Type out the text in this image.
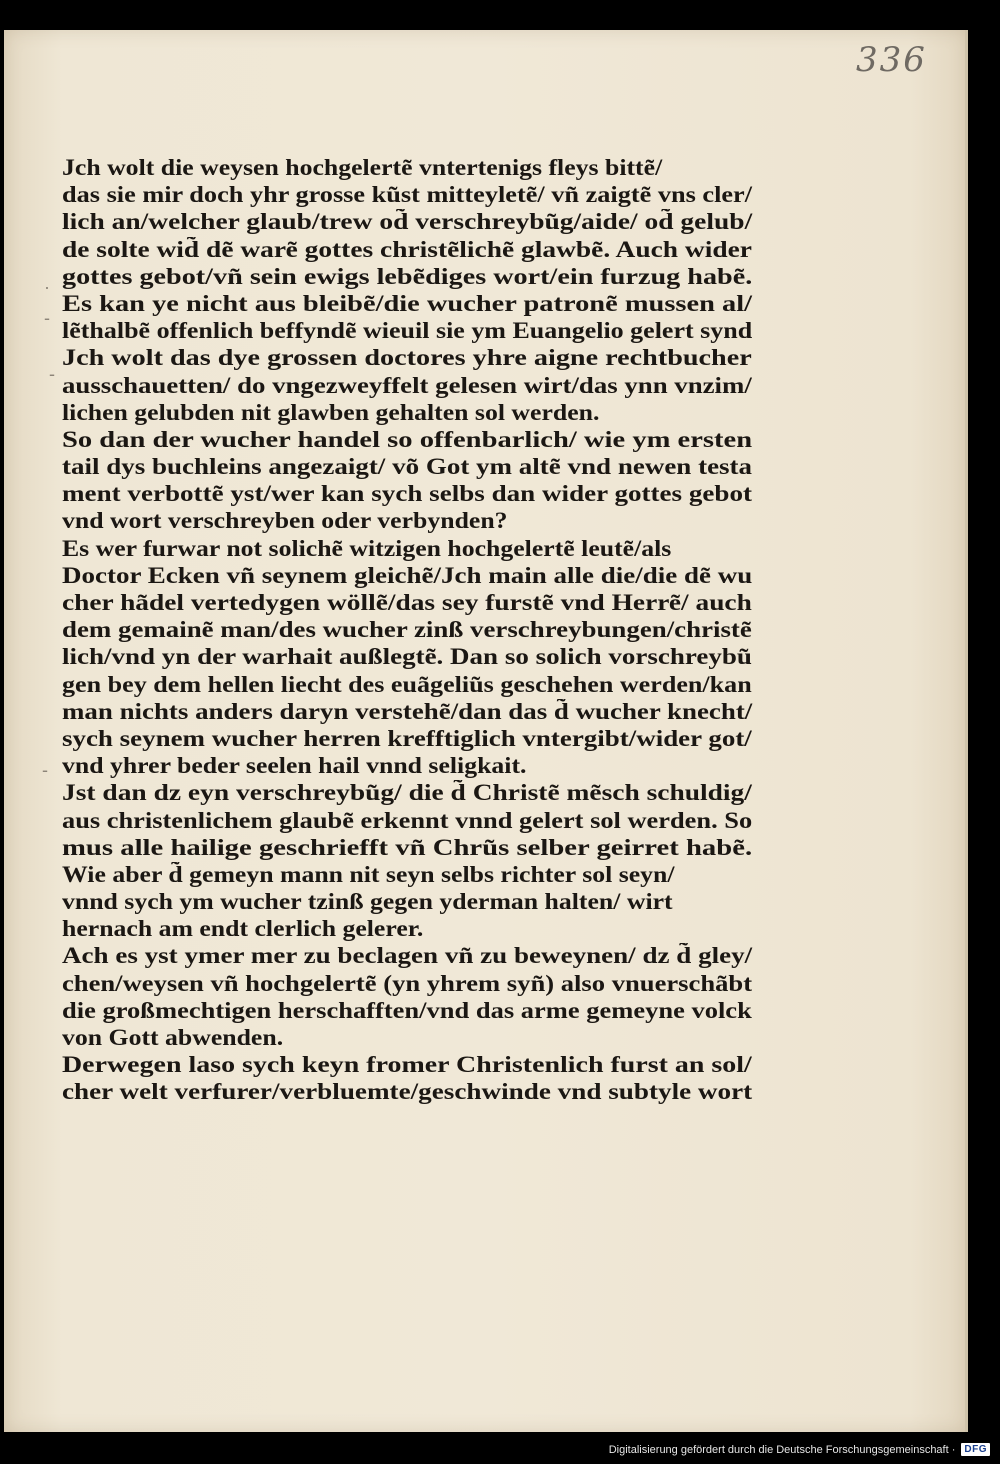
336
·
-
-
-
Jch wolt die weysen hochgelerte͂ vntertenigs fleys bitte͂/
das sie mir doch yhr grosse ku͂st mitteylete͂/ vn͂ zaigte͂ vns cler/
lich an/welcher glaub/trew od͂ verschreybu͂g/aide/ od͂ gelub/
de solte wid͂ de͂ ware͂ gottes christe͂liche͂ glawbe͂. Auch wider
gottes gebot/vn͂ sein ewigs lebe͂diges wort/ein furzug habe͂.
Es kan ye nicht aus bleibe͂/die wucher patrone͂ mussen al/
le͂thalbe͂ offenlich beffynde͂ wieuil sie ym Euangelio gelert synd
Jch wolt das dye grossen doctores yhre aigne rechtbucher
ausschauetten/ do vngezweyffelt gelesen wirt/das ynn vnzim/
lichen gelubden nit glawben gehalten sol werden.
So dan der wucher handel so offenbarlich/ wie ym ersten
tail dys buchleins angezaigt/ vo͂ Got ym alte͂ vnd newen testa
ment verbotte͂ yst/wer kan sych selbs dan wider gottes gebot
vnd wort verschreyben oder verbynden?
Es wer furwar not soliche͂ witzigen hochgelerte͂ leute͂/als
Doctor Ecken vn͂ seynem gleiche͂/Jch main alle die/die de͂ wu
cher ha͂del vertedygen wölle͂/das sey furste͂ vnd Herre͂/ auch
dem gemaine͂ man/des wucher zinß verschreybungen/christe͂
lich/vnd yn der warhait außlegte͂. Dan so solich vorschreybu͂
gen bey dem hellen liecht des eua͂geliu͂s geschehen werden/kan
man nichts anders daryn verstehe͂/dan das d͂ wucher knecht/
sych seynem wucher herren krefftiglich vntergibt/wider got/
vnd yhrer beder seelen hail vnnd seligkait.
Jst dan dz eyn verschreybu͂g/ die d͂ Christe͂ me͂sch schuldig/
aus christenlichem glaube͂ erkennt vnnd gelert sol werden. So
mus alle hailige geschriefft vn͂ Chru͂s selber geirret habe͂.
Wie aber d͂ gemeyn mann nit seyn selbs richter sol seyn/
vnnd sych ym wucher tzinß gegen yderman halten/ wirt
hernach am endt clerlich gelerer.
Ach es yst ymer mer zu beclagen vn͂ zu beweynen/ dz d͂ gley/
chen/weysen vn͂ hochgelerte͂ (yn yhrem syn͂) also vnuerscha͂bt
die großmechtigen herschafften/vnd das arme gemeyne volck
von Gott abwenden.
Derwegen laso sych keyn fromer Christenlich furst an sol/
cher welt verfurer/verbluemte/geschwinde vnd subtyle wort
Digitalisierung gefördert durch die Deutsche Forschungsgemeinschaft · DFG
